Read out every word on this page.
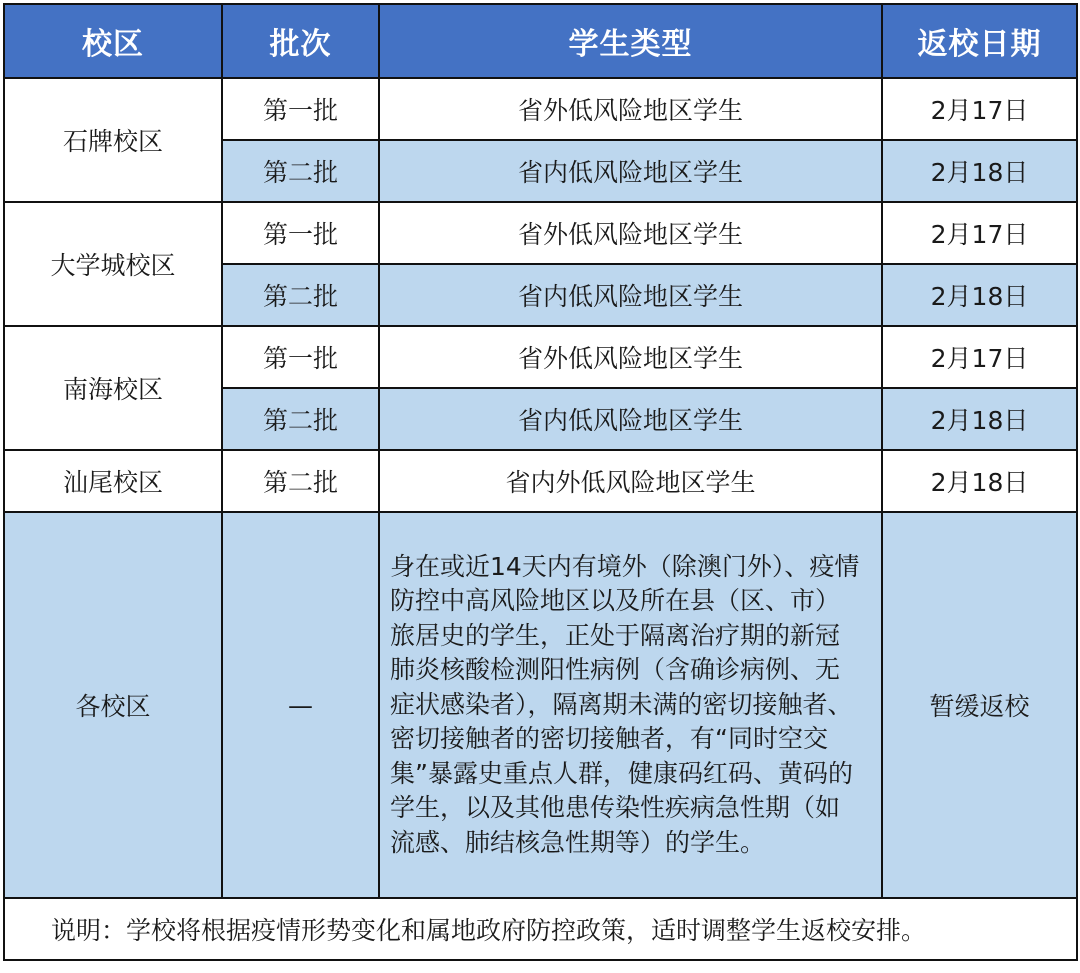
校区	批次	学生类型	返校日期
石牌校区	第一批	省外低风险地区学生	2月17日
	第二批	省内低风险地区学生	2月18日
大学城校区	第一批	省外低风险地区学生	2月17日
	第二批	省内低风险地区学生	2月18日
南海校区	第一批	省外低风险地区学生	2月17日
	第二批	省内低风险地区学生	2月18日
汕尾校区	第二批	省内外低风险地区学生	2月18日
各校区	—	身在或近14天内有境外（除澳门外）、疫情防控中高风险地区以及所在县（区、市）旅居史的学生，正处于隔离治疗期的新冠肺炎核酸检测阳性病例（含确诊病例、无症状感染者），隔离期未满的密切接触者、密切接触者的密切接触者，有“同时空交集”暴露史重点人群，健康码红码、黄码的学生，以及其他患传染性疾病急性期（如流感、肺结核急性期等）的学生。	暂缓返校
说明：学校将根据疫情形势变化和属地政府防控政策，适时调整学生返校安排。			
